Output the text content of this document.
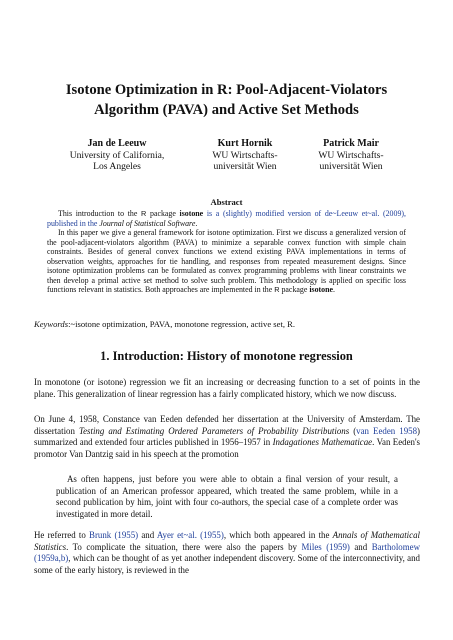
Isotone Optimization in R: Pool-Adjacent-Violators
Algorithm (PAVA) and Active Set Methods
Jan de Leeuw
University of California,
Los Angeles
Kurt Hornik
WU Wirtschafts-
universität Wien
Patrick Mair
WU Wirtschafts-
universität Wien
Abstract

This introduction to the R package isotone is a (slightly) modified version of de~Leeuw et~al. (2009), published in the Journal of Statistical Software.

In this paper we give a general framework for isotone optimization. First we discuss a generalized version of the pool-adjacent-violators algorithm (PAVA) to minimize a separable convex function with simple chain constraints. Besides of general convex functions we extend existing PAVA implementations in terms of observation weights, approaches for tie handling, and responses from repeated measurement designs. Since isotone optimization problems can be formulated as convex programming problems with linear constraints we then develop a primal active set method to solve such problem. This methodology is applied on specific loss functions relevant in statistics. Both approaches are implemented in the R package isotone.

Keywords:~isotone optimization, PAVA, monotone regression, active set, R.
1. Introduction: History of monotone regression

In monotone (or isotone) regression we fit an increasing or decreasing function to a set of points in the plane. This generalization of linear regression has a fairly complicated history, which we now discuss.

On June 4, 1958, Constance van Eeden defended her dissertation at the University of Amsterdam. The dissertation Testing and Estimating Ordered Parameters of Probability Distributions (van Eeden 1958) summarized and extended four articles published in 1956–1957 in Indagationes Mathematicae. Van Eeden's promotor Van Dantzig said in his speech at the promotion

As often happens, just before you were able to obtain a final version of your result, a publication of an American professor appeared, which treated the same problem, while in a second publication by him, joint with four co-authors, the special case of a complete order was investigated in more detail.

He referred to Brunk (1955) and Ayer et~al. (1955), which both appeared in the Annals of Mathematical Statistics. To complicate the situation, there were also the papers by Miles (1959) and Bartholomew (1959a,b), which can be thought of as yet another independent discovery. Some of the interconnectivity, and some of the early history, is reviewed in the
